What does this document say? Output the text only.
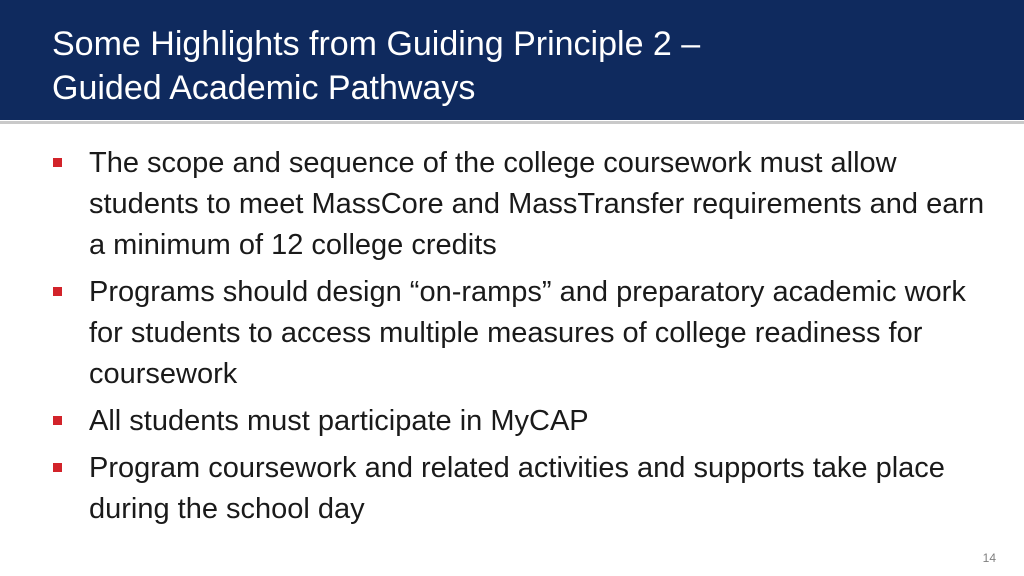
Some Highlights from Guiding Principle 2 –
Guided Academic Pathways
The scope and sequence of the college coursework must allow students to meet MassCore and MassTransfer requirements and earn a minimum of 12 college credits
Programs should design “on-ramps” and preparatory academic work for students to access multiple measures of college readiness for coursework
All students must participate in MyCAP
Program coursework and related activities and supports take place during the school day
14
